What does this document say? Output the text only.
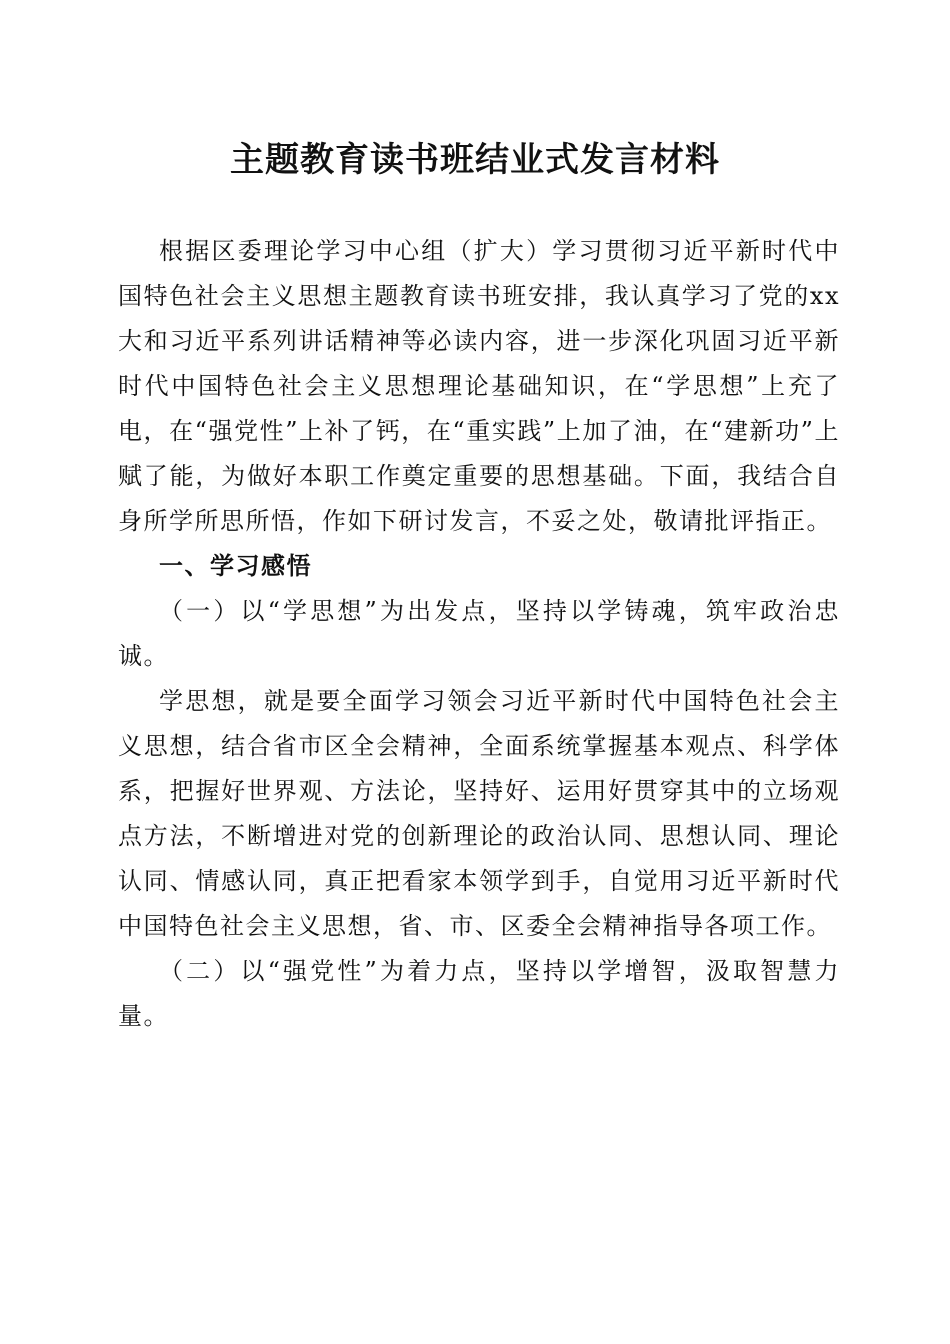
主题教育读书班结业式发言材料

根据区委理论学习中心组（扩大）学习贯彻习近平新时代中国特色社会主义思想主题教育读书班安排，我认真学习了党的xx大和习近平系列讲话精神等必读内容，进一步深化巩固习近平新时代中国特色社会主义思想理论基础知识，在“学思想”上充了电，在“强党性”上补了钙，在“重实践”上加了油，在“建新功”上赋了能，为做好本职工作奠定重要的思想基础。下面，我结合自身所学所思所悟，作如下研讨发言，不妥之处，敬请批评指正。

一、学习感悟

（一）以“学思想”为出发点，坚持以学铸魂，筑牢政治忠诚。

学思想，就是要全面学习领会习近平新时代中国特色社会主义思想，结合省市区全会精神，全面系统掌握基本观点、科学体系，把握好世界观、方法论，坚持好、运用好贯穿其中的立场观点方法，不断增进对党的创新理论的政治认同、思想认同、理论认同、情感认同，真正把看家本领学到手，自觉用习近平新时代中国特色社会主义思想，省、市、区委全会精神指导各项工作。

（二）以“强党性”为着力点，坚持以学增智，汲取智慧力量。
